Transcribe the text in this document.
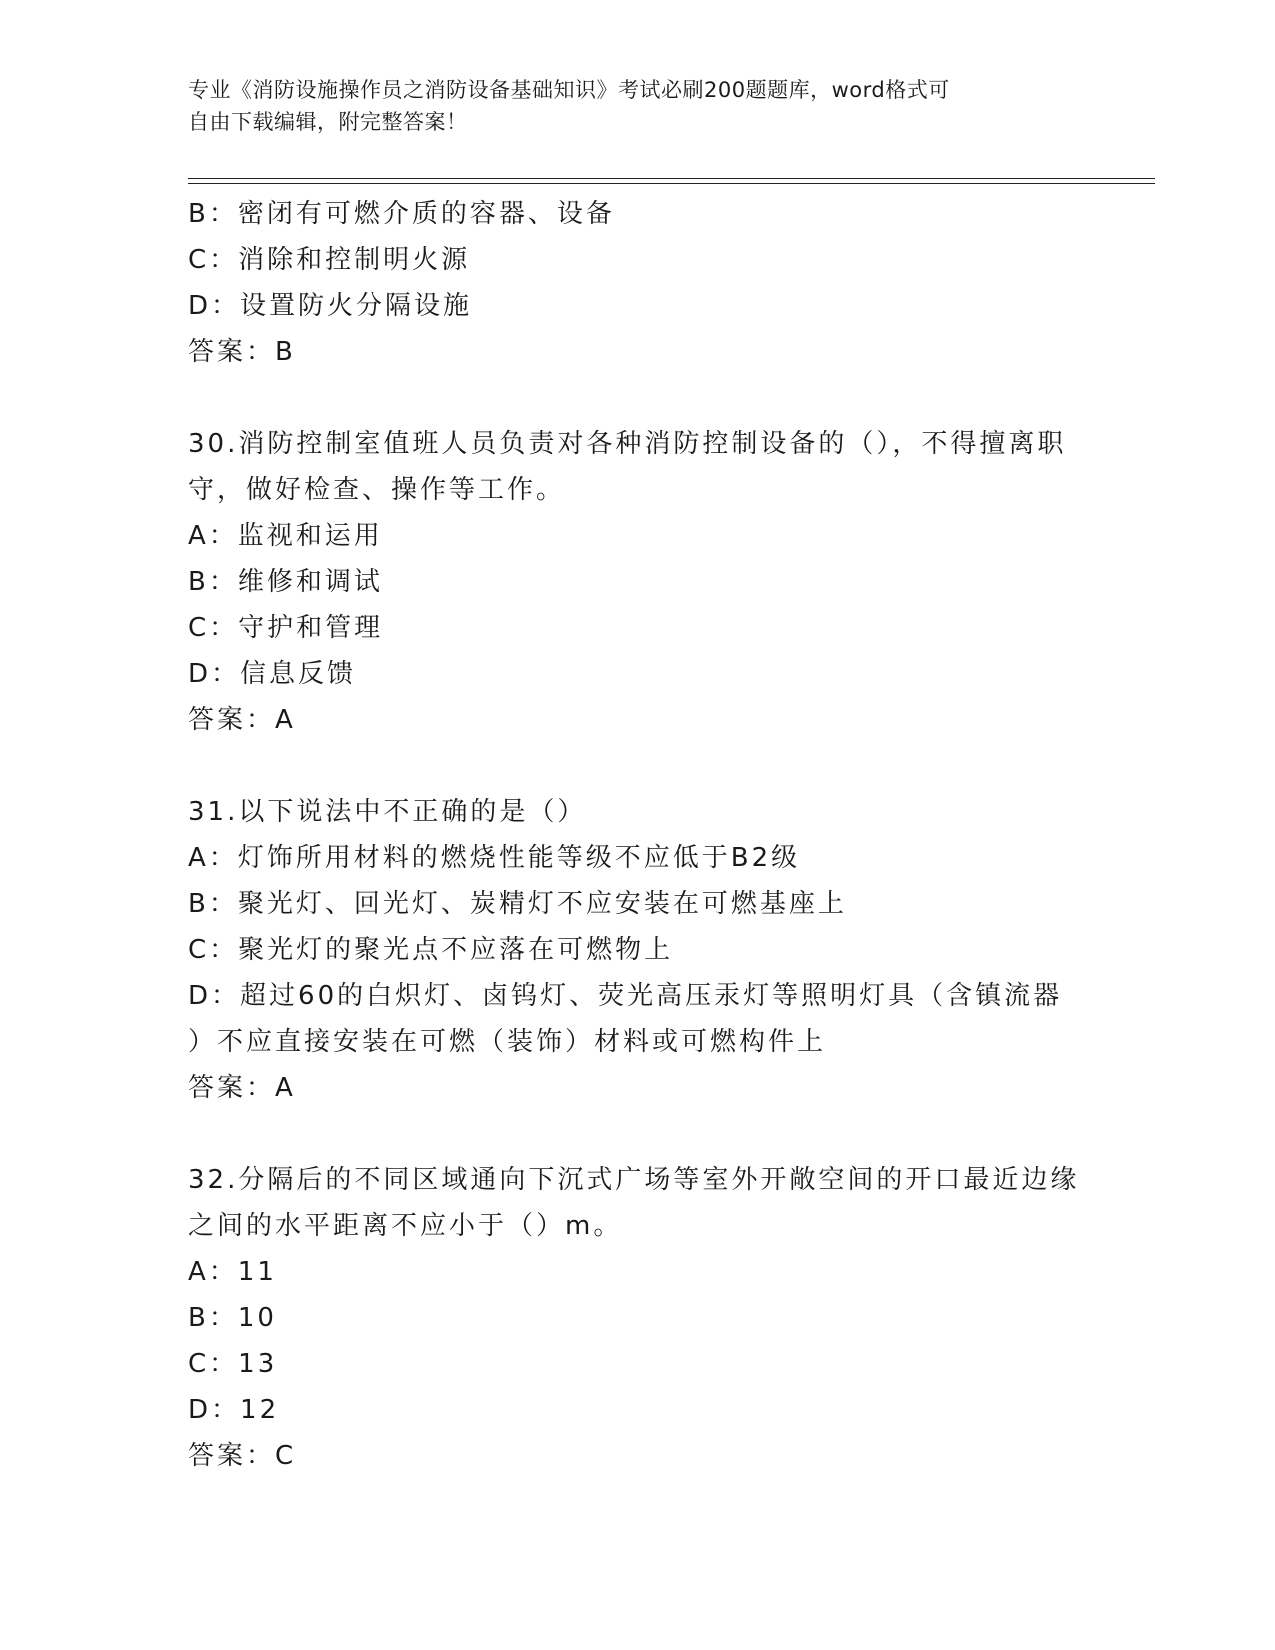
专业《消防设施操作员之消防设备基础知识》考试必刷200题题库，word格式可
自由下载编辑，附完整答案！
B：密闭有可燃介质的容器、设备
C：消除和控制明火源
D：设置防火分隔设施
答案：B
30.消防控制室值班人员负责对各种消防控制设备的（），不得擅离职
守，做好检查、操作等工作。
A：监视和运用
B：维修和调试
C：守护和管理
D：信息反馈
答案：A
31.以下说法中不正确的是（）
A：灯饰所用材料的燃烧性能等级不应低于B2级
B：聚光灯、回光灯、炭精灯不应安装在可燃基座上
C：聚光灯的聚光点不应落在可燃物上
D：超过60的白炽灯、卤钨灯、荧光高压汞灯等照明灯具（含镇流器
）不应直接安装在可燃（装饰）材料或可燃构件上
答案：A
32.分隔后的不同区域通向下沉式广场等室外开敞空间的开口最近边缘
之间的水平距离不应小于（）m。
A：11
B：10
C：13
D：12
答案：C
